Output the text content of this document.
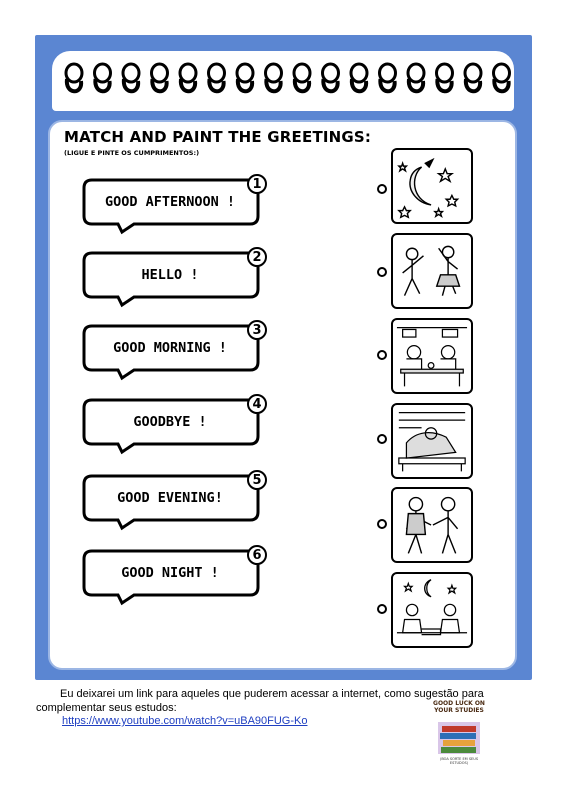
MATCH AND PAINT THE GREETINGS:
(LIGUE E PINTE OS CUMPRIMENTOS:)
GOOD AFTERNOON !
1
HELLO !
2
GOOD MORNING !
3
GOODBYE !
4
GOOD EVENING!
5
GOOD NIGHT !
6
Eu deixarei um link para aqueles que puderem acessar a internet, como sugestão para complementar seus estudos:
https://www.youtube.com/watch?v=uBA90FUG-Ko
GOOD LUCK ON YOUR STUDIES
(BOA SORTE EM SEUS ESTUDOS)
